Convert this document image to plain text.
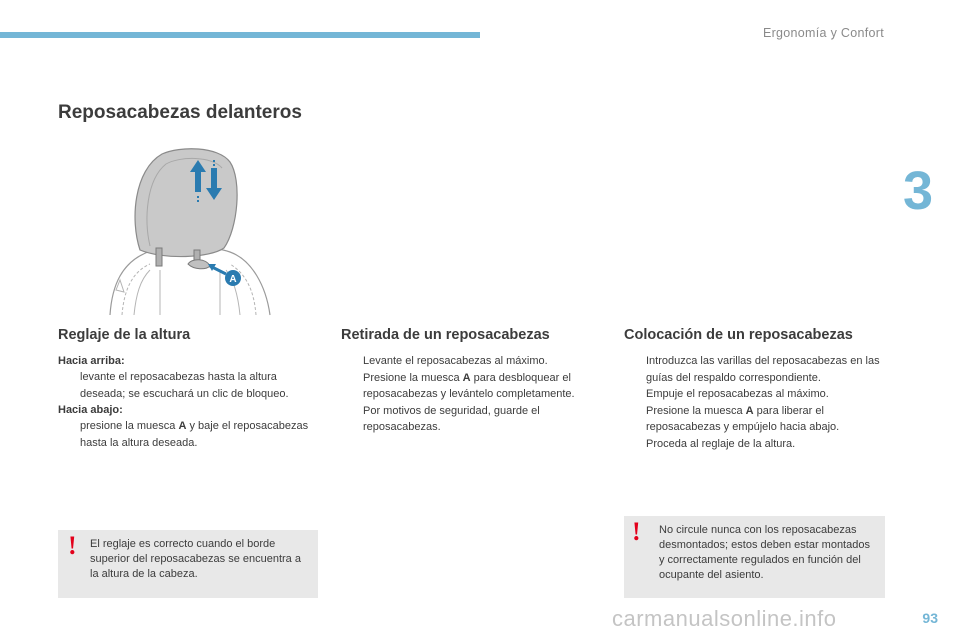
Ergonomía y Confort
3
Reposacabezas delanteros
A
Reglaje de la altura
Hacia arriba:
levante el reposacabezas hasta la altura deseada; se escuchará un clic de bloqueo.
Hacia abajo:
presione la muesca A y baje el reposacabezas hasta la altura deseada.
Retirada de un reposacabezas
Levante el reposacabezas al máximo.
Presione la muesca A para desbloquear el reposacabezas y levántelo completamente.
Por motivos de seguridad, guarde el reposacabezas.
Colocación de un reposacabezas
Introduzca las varillas del reposacabezas en las guías del respaldo correspondiente.
Empuje el reposacabezas al máximo.
Presione la muesca A para liberar el reposacabezas y empújelo hacia abajo.
Proceda al reglaje de la altura.
! El reglaje es correcto cuando el borde superior del reposacabezas se encuentra a la altura de la cabeza.
! No circule nunca con los reposacabezas desmontados; estos deben estar montados y correctamente regulados en función del ocupante del asiento.
carmanualsonline.info	93
